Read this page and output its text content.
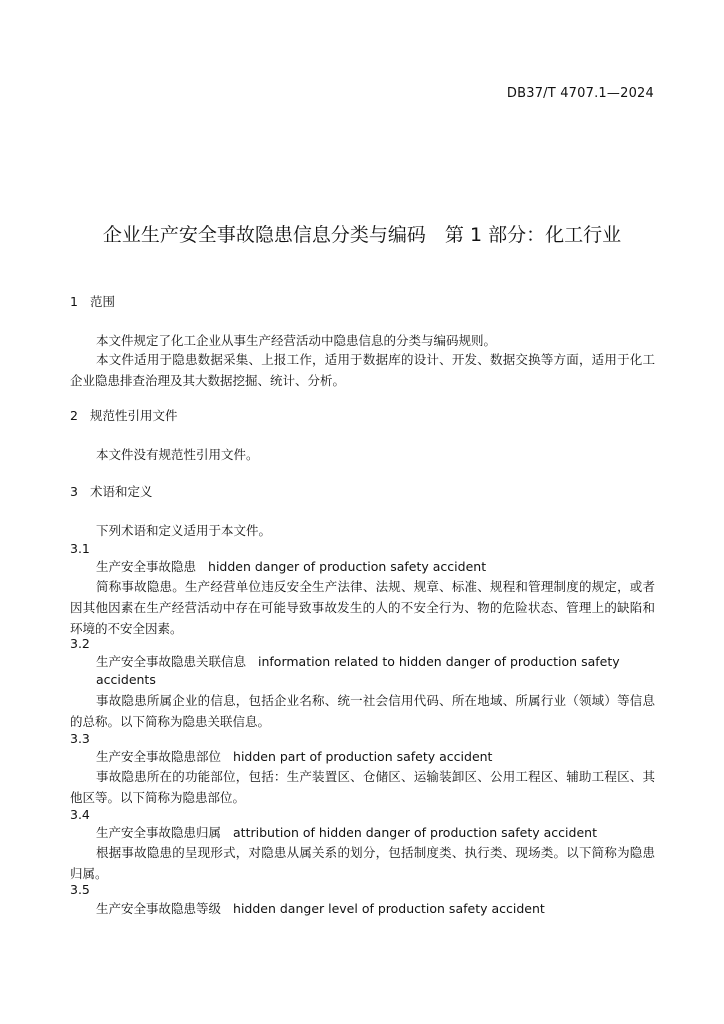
DB37/T 4707.1—2024
企业生产安全事故隐患信息分类与编码　第 1 部分：化工行业
1 范围

本文件规定了化工企业从事生产经营活动中隐患信息的分类与编码规则。

本文件适用于隐患数据采集、上报工作，适用于数据库的设计、开发、数据交换等方面，适用于化工企业隐患排查治理及其大数据挖掘、统计、分析。

2 规范性引用文件

本文件没有规范性引用文件。

3 术语和定义

下列术语和定义适用于本文件。

3.1
生产安全事故隐患 hidden danger of production safety accident

简称事故隐患。生产经营单位违反安全生产法律、法规、规章、标准、规程和管理制度的规定，或者因其他因素在生产经营活动中存在可能导致事故发生的人的不安全行为、物的危险状态、管理上的缺陷和环境的不安全因素。

3.2
生产安全事故隐患关联信息 information related to hidden danger of production safety accidents

事故隐患所属企业的信息，包括企业名称、统一社会信用代码、所在地域、所属行业（领域）等信息的总称。以下简称为隐患关联信息。

3.3
生产安全事故隐患部位 hidden part of production safety accident

事故隐患所在的功能部位，包括：生产装置区、仓储区、运输装卸区、公用工程区、辅助工程区、其他区等。以下简称为隐患部位。

3.4
生产安全事故隐患归属 attribution of hidden danger of production safety accident

根据事故隐患的呈现形式，对隐患从属关系的划分，包括制度类、执行类、现场类。以下简称为隐患归属。

3.5
生产安全事故隐患等级 hidden danger level of production safety accident
